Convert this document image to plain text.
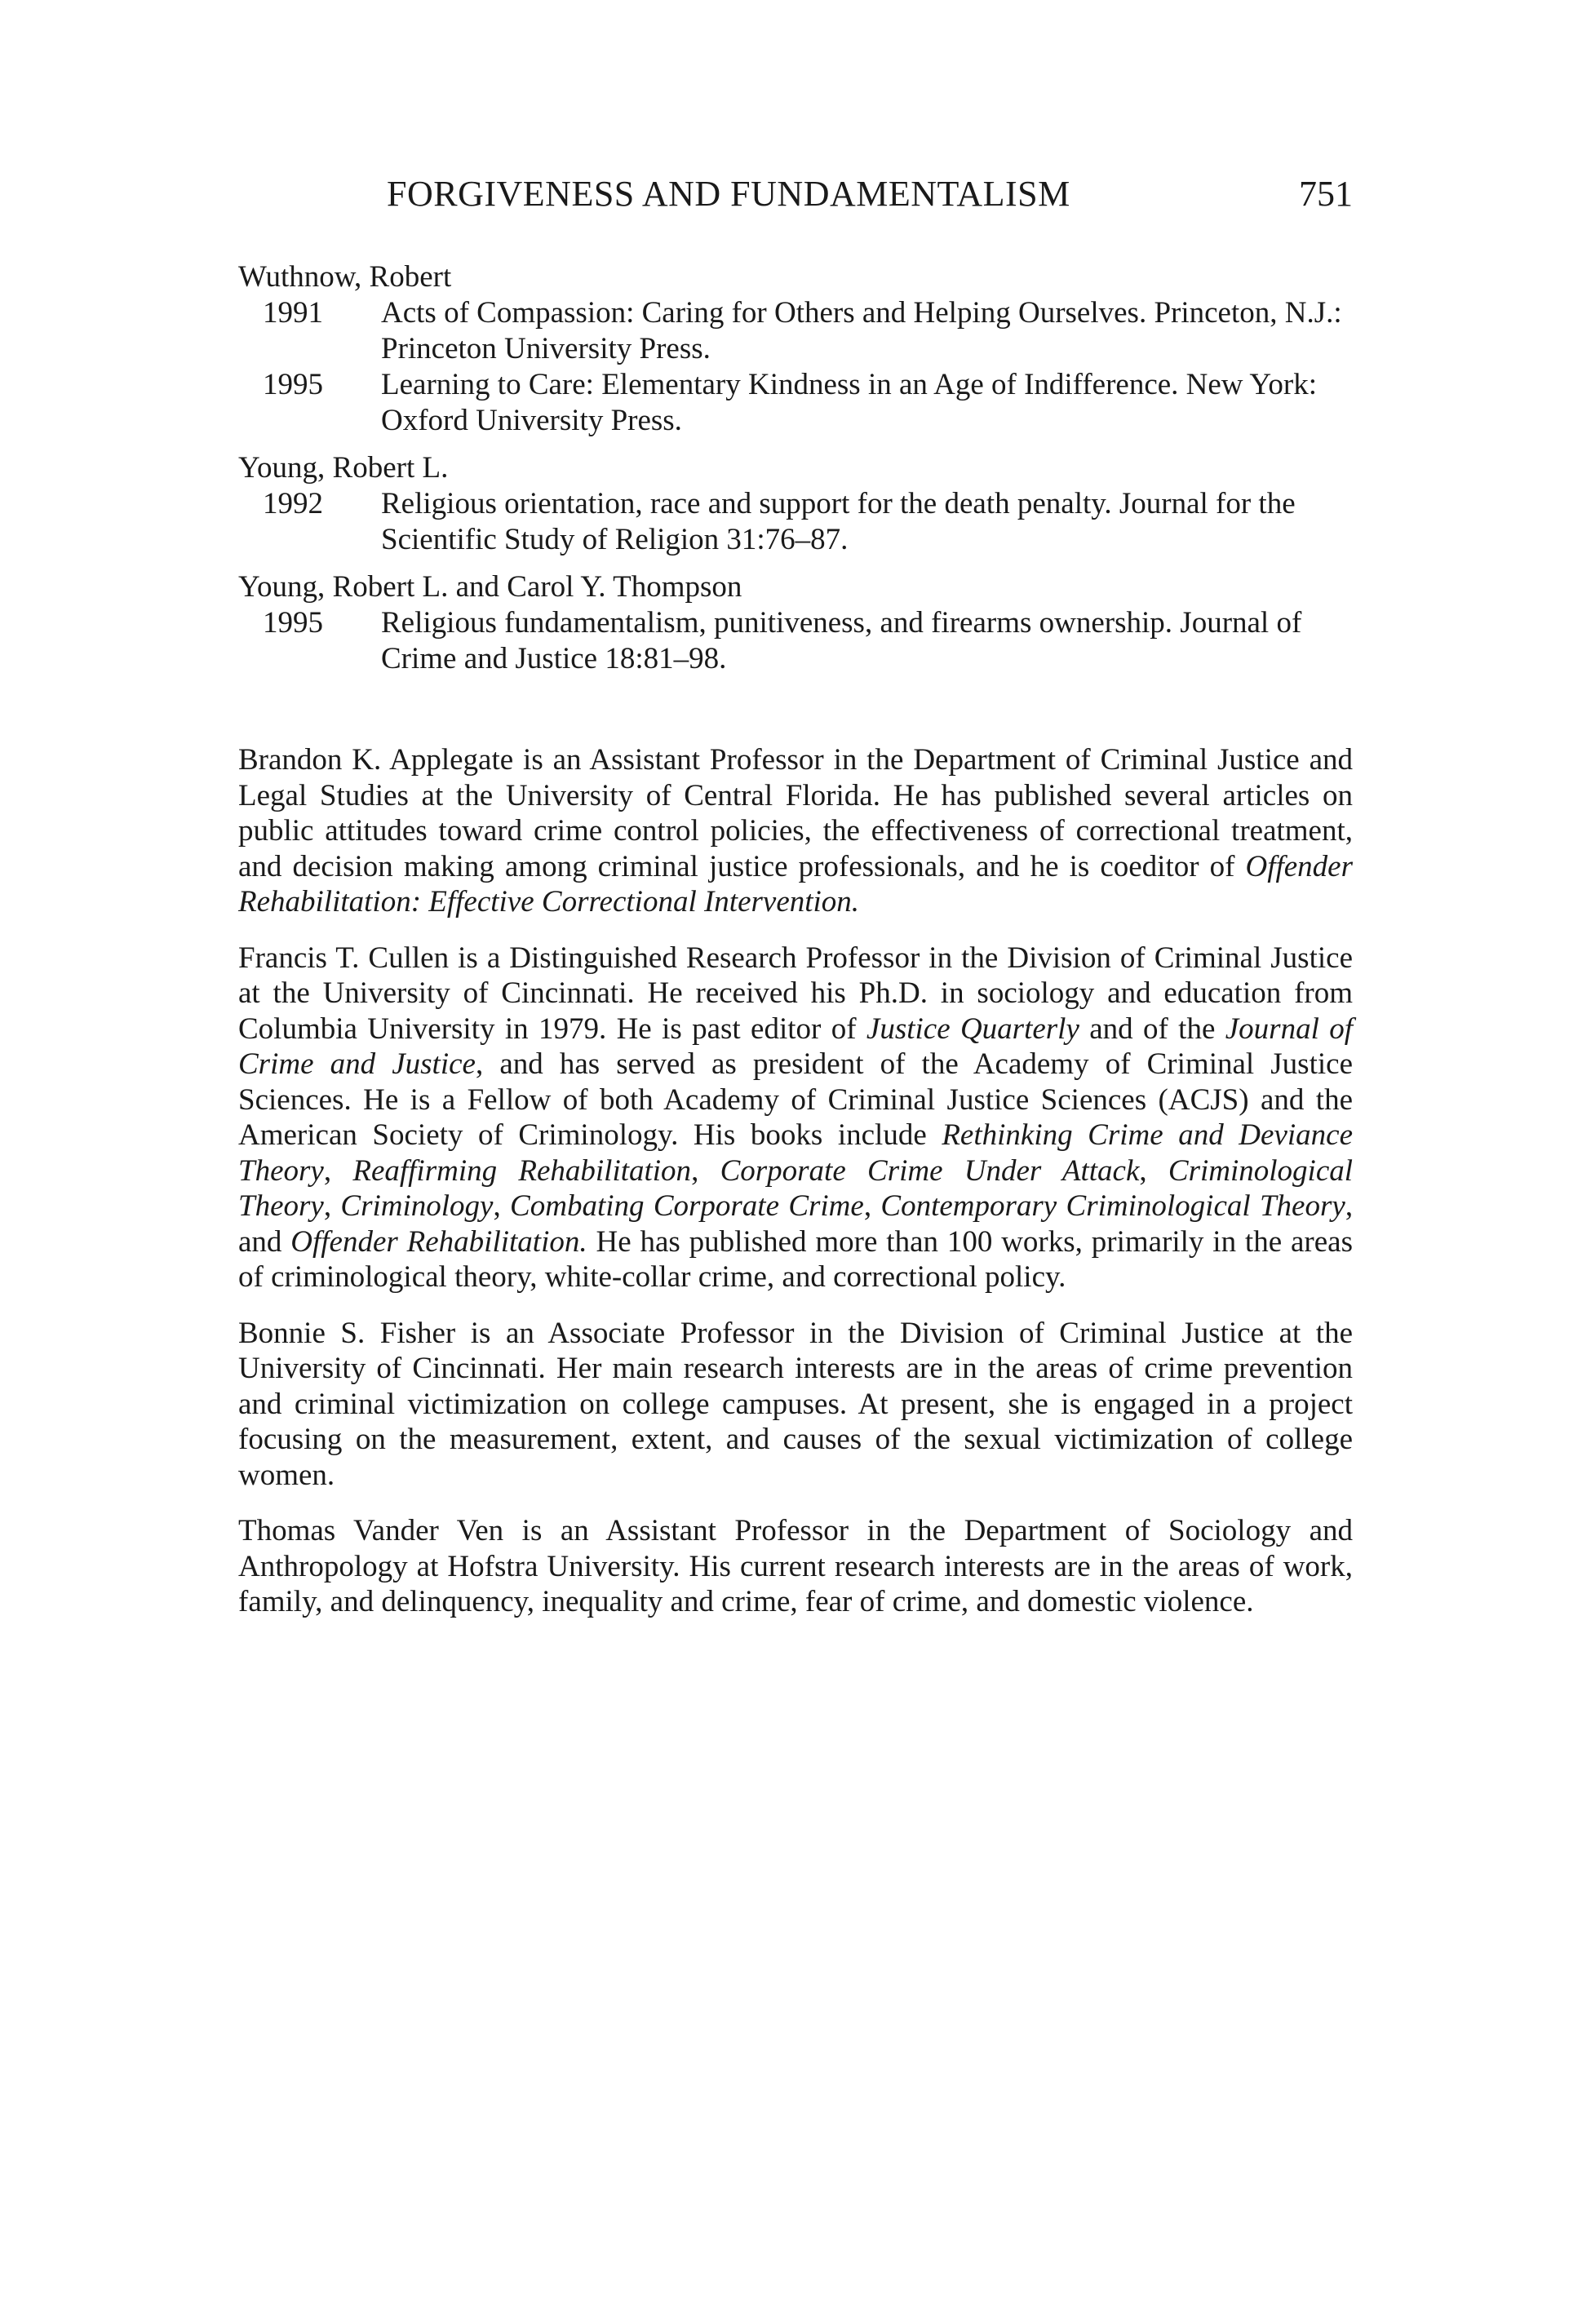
FORGIVENESS AND FUNDAMENTALISM	751
Wuthnow, Robert
1991	Acts of Compassion: Caring for Others and Helping Ourselves. Princeton, N.J.: Princeton University Press.
1995	Learning to Care: Elementary Kindness in an Age of Indifference. New York: Oxford University Press.
Young, Robert L.
1992	Religious orientation, race and support for the death penalty. Journal for the Scientific Study of Religion 31:76–87.
Young, Robert L. and Carol Y. Thompson
1995	Religious fundamentalism, punitiveness, and firearms ownership. Journal of Crime and Justice 18:81–98.

Brandon K. Applegate is an Assistant Professor in the Department of Criminal Justice and Legal Studies at the University of Central Florida. He has published several articles on public attitudes toward crime control policies, the effectiveness of correctional treatment, and decision making among criminal justice professionals, and he is coeditor of Offender Rehabilitation: Effective Correctional Intervention.

Francis T. Cullen is a Distinguished Research Professor in the Division of Criminal Justice at the University of Cincinnati. He received his Ph.D. in sociology and education from Columbia University in 1979. He is past editor of Justice Quarterly and of the Journal of Crime and Justice, and has served as president of the Academy of Criminal Justice Sciences. He is a Fellow of both Academy of Criminal Justice Sciences (ACJS) and the American Society of Criminology. His books include Rethinking Crime and Deviance Theory, Reaffirming Rehabilitation, Corporate Crime Under Attack, Criminological Theory, Criminology, Combating Corporate Crime, Contemporary Criminological Theory, and Offender Rehabilitation. He has published more than 100 works, primarily in the areas of criminological theory, white-collar crime, and correctional policy.

Bonnie S. Fisher is an Associate Professor in the Division of Criminal Justice at the University of Cincinnati. Her main research interests are in the areas of crime prevention and criminal victimization on college campuses. At present, she is engaged in a project focusing on the measurement, extent, and causes of the sexual victimization of college women.

Thomas Vander Ven is an Assistant Professor in the Department of Sociology and Anthropology at Hofstra University. His current research interests are in the areas of work, family, and delinquency, inequality and crime, fear of crime, and domestic violence.
